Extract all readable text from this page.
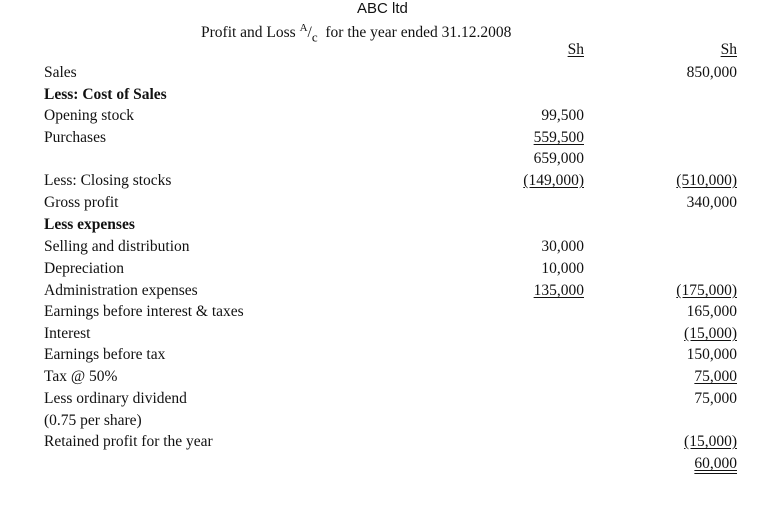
ABC ltd
Profit and Loss $^A/_c$  for the year ended 31.12.2008
Sh	Sh
Sales
Less: Cost of Sales
Opening stock
Purchases
Less: Closing stocks
Gross profit
Less expenses
Selling and distribution
Depreciation
Administration expenses
Earnings before interest & taxes
Interest
Earnings before tax
Tax @ 50%
Less ordinary dividend
(0.75 per share)
Retained profit for the year
99,500
559,500
659,000
(149,000)
30,000
10,000
135,000
850,000
(510,000)
340,000
(175,000)
165,000
(15,000)
150,000
75,000
75,000
(15,000)
60,000
